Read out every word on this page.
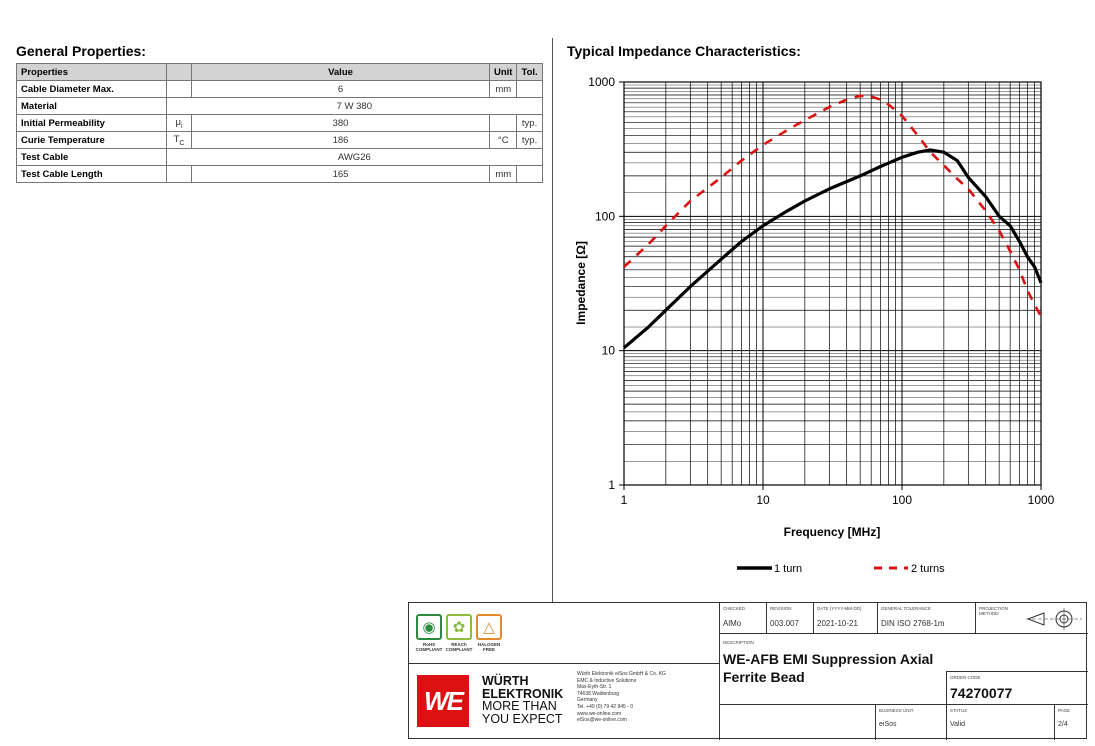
General Properties:
Properties		Value	Unit	Tol.
Cable Diameter Max.		6	mm	
Material	7 W 380			
Initial Permeability	$\mu_i$	380		typ.
Curie Temperature	$T_C$	186	°C	typ.
Test Cable	AWG26			
Test Cable Length		165	mm	
Typical Impedance Characteristics:
1	10	100	1000
1
10
100
1000
Frequency [MHz]
Impedance [Ω]
1 turn	2 turns
◉
RoHS COMPLIANT
✿
REACh COMPLIANT
△
HALOGEN FREE
WE
WÜRTH
ELEKTRONIK
MORE THAN
YOU EXPECT
Würth Elektronik eiSos GmbH & Co. KG
EMC & Inductive Solutions
Max-Eyth-Str. 1
74638 Waldenburg
Germany
Tel. +49 (0) 79 42 945 - 0
www.we-online.com
eiSos@we-online.com
CHECKED
AlMo
REVISION
003.007
DATE (YYYY-MM-DD)
2021-10-21
GENERAL TOLERANCE
DIN ISO 2768-1m
PROJECTION METHOD
DESCRIPTION
WE-AFB EMI Suppression Axial
Ferrite Bead	ORDER CODE
74270077
BUSINESS UNIT
eiSos
STATUS
Valid
PAGE
2/4
